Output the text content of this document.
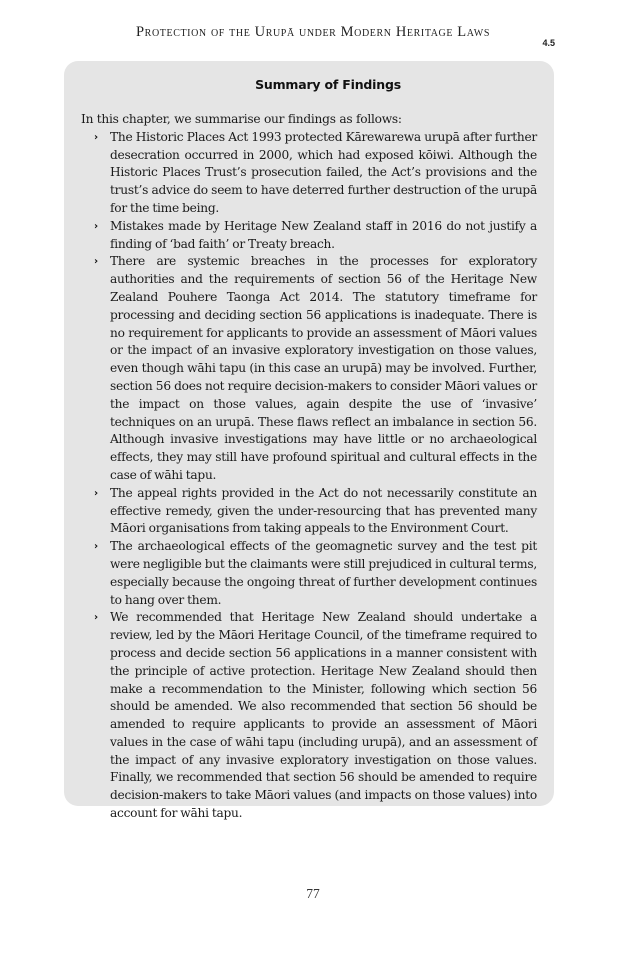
Protection of the Urupā under Modern Heritage Laws
4.5
Summary of Findings

In this chapter, we summarise our findings as follows:

› The Historic Places Act 1993 protected Kārewarewa urupā after further desecration occurred in 2000, which had exposed kōiwi. Although the Historic Places Trust’s prosecution failed, the Act’s provisions and the trust’s advice do seem to have deterred further destruction of the urupā for the time being.
› Mistakes made by Heritage New Zealand staff in 2016 do not justify a finding of ‘bad faith’ or Treaty breach.
› There are systemic breaches in the processes for exploratory authorities and the requirements of section 56 of the Heritage New Zealand Pouhere Taonga Act 2014. The statutory timeframe for processing and deciding section 56 applications is inadequate. There is no requirement for applicants to provide an assessment of Māori values or the impact of an invasive exploratory investigation on those values, even though wāhi tapu (in this case an urupā) may be involved. Further, section 56 does not require decision-makers to consider Māori values or the impact on those values, again despite the use of ‘invasive’ techniques on an urupā. These flaws reflect an imbalance in section 56. Although invasive investigations may have little or no archaeological effects, they may still have profound spiritual and cultural effects in the case of wāhi tapu.
› The appeal rights provided in the Act do not necessarily constitute an effective remedy, given the under-resourcing that has prevented many Māori organisations from taking appeals to the Environment Court.
› The archaeological effects of the geomagnetic survey and the test pit were negligible but the claimants were still prejudiced in cultural terms, especially because the ongoing threat of further development continues to hang over them.
› We recommended that Heritage New Zealand should undertake a review, led by the Māori Heritage Council, of the timeframe required to process and decide section 56 applications in a manner consistent with the principle of active protection. Heritage New Zealand should then make a recommendation to the Minister, following which section 56 should be amended. We also recommended that section 56 should be amended to require applicants to provide an assessment of Māori values in the case of wāhi tapu (including urupā), and an assessment of the impact of any invasive exploratory investigation on those values. Finally, we recommended that section 56 should be amended to require decision-makers to take Māori values (and impacts on those values) into account for wāhi tapu.
77
